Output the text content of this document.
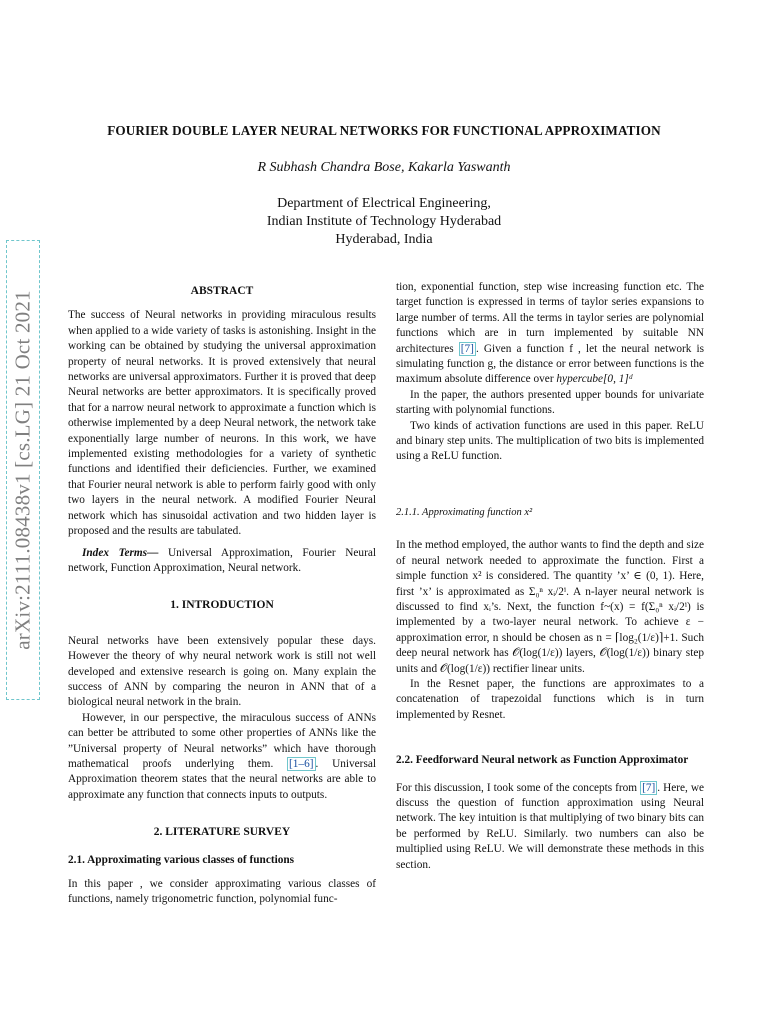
arXiv:2111.08438v1 [cs.LG] 21 Oct 2021
FOURIER DOUBLE LAYER NEURAL NETWORKS FOR FUNCTIONAL APPROXIMATION
R Subhash Chandra Bose, Kakarla Yaswanth
Department of Electrical Engineering,
Indian Institute of Technology Hyderabad
Hyderabad, India

ABSTRACT

The success of Neural networks in providing miraculous results when applied to a wide variety of tasks is astonishing. Insight in the working can be obtained by studying the universal approximation property of neural networks. It is proved extensively that neural networks are universal approximators. Further it is proved that deep Neural networks are better approximators. It is specifically proved that for a narrow neural network to approximate a function which is otherwise implemented by a deep Neural network, the network take exponentially large number of neurons. In this work, we have implemented existing methodologies for a variety of synthetic functions and identified their deficiencies. Further, we examined that Fourier neural network is able to perform fairly good with only two layers in the neural network. A modified Fourier Neural network which has sinusoidal activation and two hidden layer is proposed and the results are tabulated.

Index Terms— Universal Approximation, Fourier Neural network, Function Approximation, Neural network.

1. INTRODUCTION

Neural networks have been extensively popular these days. However the theory of why neural network work is still not well developed and extensive research is going on. Many explain the success of ANN by comparing the neuron in ANN that of a biological neural network in the brain.

However, in our perspective, the miraculous success of ANNs can better be attributed to some other properties of ANNs like the ”Universal property of Neural networks” which have thorough mathematical proofs underlying them. [1–6] . Universal Approximation theorem states that the neural networks are able to approximate any function that connects inputs to outputs.

2. LITERATURE SURVEY

2.1. Approximating various classes of functions

In this paper , we consider approximating various classes of functions, namely trigonometric function, polynomial func-

tion, exponential function, step wise increasing function etc. The target function is expressed in terms of taylor series expansions to large number of terms. All the terms in taylor series are polynomial functions which are in turn implemented by suitable NN architectures [7] . Given a function f , let the neural network is simulating function g, the distance or error between functions is the maximum absolute difference over hypercube[0, 1]ᵈ

In the paper, the authors presented upper bounds for univariate starting with polynomial functions.

Two kinds of activation functions are used in this paper. ReLU and binary step units. The multiplication of two bits is implemented using a ReLU function.

2.1.1. Approximating function x²

In the method employed, the author wants to find the depth and size of neural network needed to approximate the function. First a simple function x² is considered. The quantity ’x’ ∈ (0, 1). Here, first ’x’ is approximated as Σ₀ⁿ xᵢ/2ⁱ. A n-layer neural network is discussed to find xᵢ’s. Next, the function f~(x) = f(Σ₀ⁿ xᵢ/2ⁱ) is implemented by a two-layer neural network. To achieve ε − approximation error, n should be chosen as n = ⌈log₂(1/ε)⌉+1. Such deep neural network has 𝒪(log(1/ε)) layers, 𝒪(log(1/ε)) binary step units and 𝒪(log(1/ε)) rectifier linear units.

In the Resnet paper, the functions are approximates to a concatenation of trapezoidal functions which is in turn implemented by Resnet.

2.2. Feedforward Neural network as Function Approximator

For this discussion, I took some of the concepts from [7] . Here, we discuss the question of function approximation using Neural network. The key intuition is that multiplying of two binary bits can be performed by ReLU. Similarly. two numbers can also be multiplied using ReLU. We will demonstrate these methods in this section.
